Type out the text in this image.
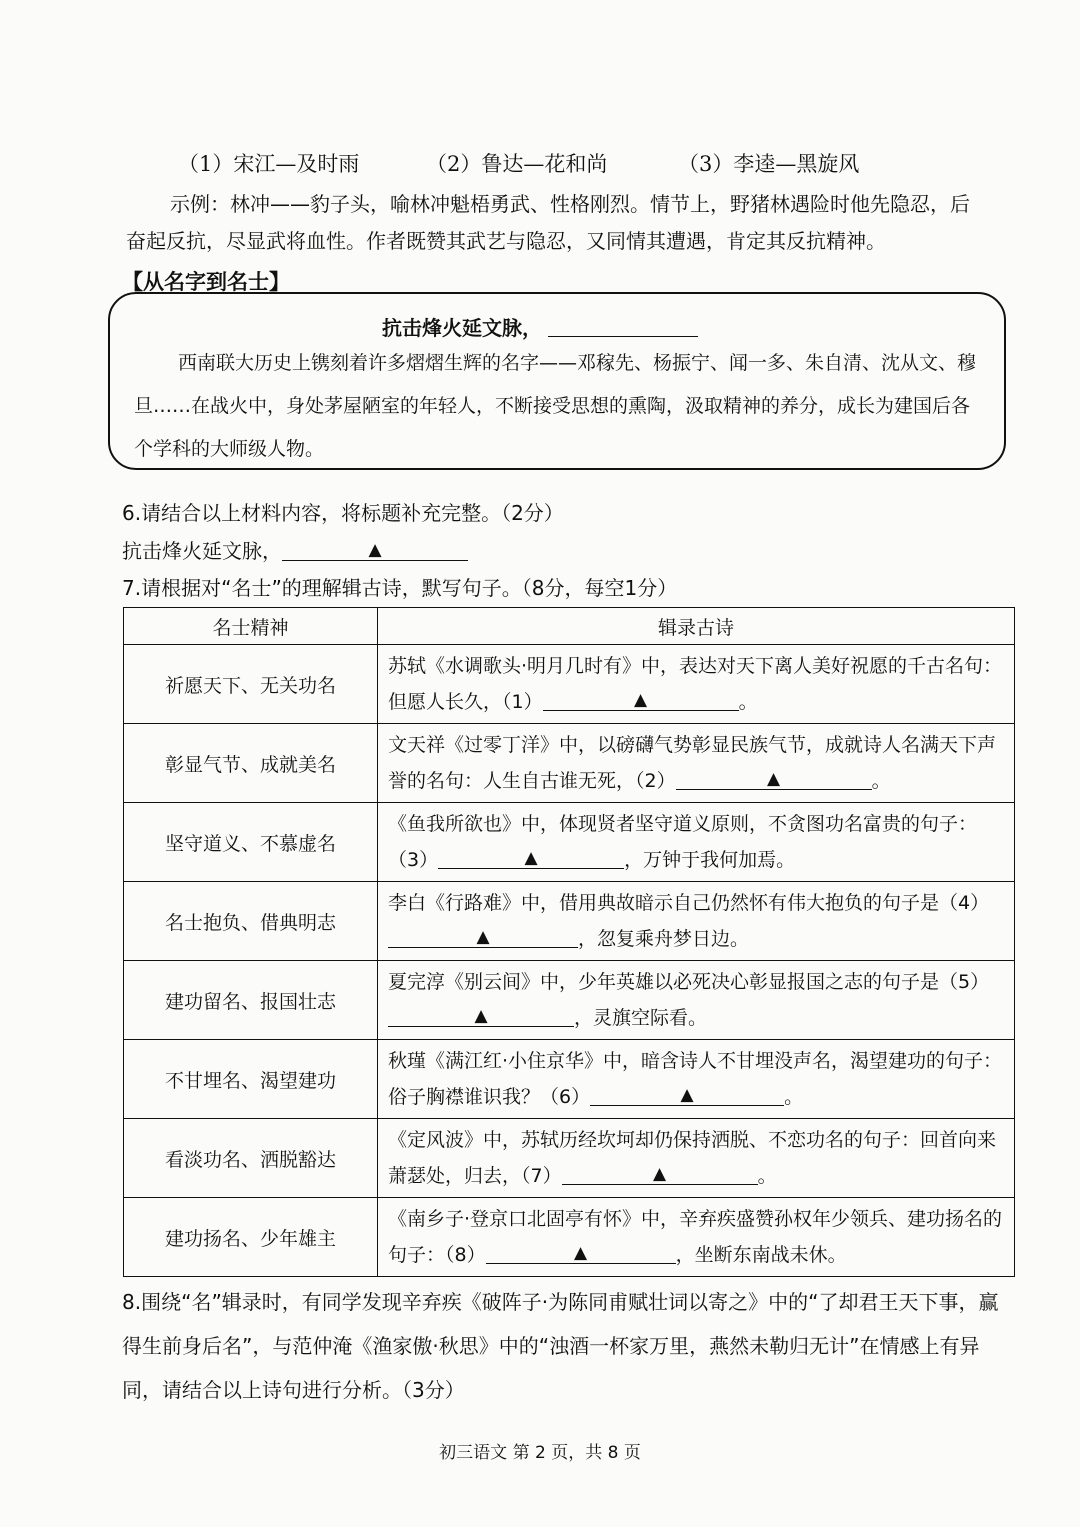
（1）宋江—及时雨	（2）鲁达—花和尚	（3）李逵—黑旋风
示例：林冲——豹子头，喻林冲魁梧勇武、性格刚烈。情节上，野猪林遇险时他先隐忍，后奋起反抗，尽显武将血性。作者既赞其武艺与隐忍，又同情其遭遇，肯定其反抗精神。
【从名字到名士】
抗击烽火延文脉，
西南联大历史上镌刻着许多熠熠生辉的名字——邓稼先、杨振宁、闻一多、朱自清、沈从文、穆旦……在战火中，身处茅屋陋室的年轻人，不断接受思想的熏陶，汲取精神的养分，成长为建国后各个学科的大师级人物。
6.请结合以上材料内容，将标题补充完整。（2分）
抗击烽火延文脉，	▲
7.请根据对“名士”的理解辑古诗，默写句子。（8分，每空1分）
名士精神	辑录古诗
祈愿天下、无关功名	苏轼《水调歌头·明月几时有》中，表达对天下离人美好祝愿的千古名句：但愿人长久，（1） ▲ 。
彰显气节、成就美名	文天祥《过零丁洋》中，以磅礴气势彰显民族气节，成就诗人名满天下声誉的名句：人生自古谁无死，（2） ▲ 。
坚守道义、不慕虚名	《鱼我所欲也》中，体现贤者坚守道义原则，不贪图功名富贵的句子：（3） ▲ ，万钟于我何加焉。
名士抱负、借典明志	李白《行路难》中，借用典故暗示自己仍然怀有伟大抱负的句子是（4）
▲ ，忽复乘舟梦日边。
建功留名、报国壮志	夏完淳《别云间》中，少年英雄以必死决心彰显报国之志的句子是（5）
▲ ，灵旗空际看。
不甘埋名、渴望建功	秋瑾《满江红·小住京华》中，暗含诗人不甘埋没声名，渴望建功的句子：俗子胸襟谁识我？（6） ▲ 。
看淡功名、洒脱豁达	《定风波》中，苏轼历经坎坷却仍保持洒脱、不恋功名的句子：回首向来萧瑟处，归去，（7） ▲ 。
建功扬名、少年雄主	《南乡子·登京口北固亭有怀》中，辛弃疾盛赞孙权年少领兵、建功扬名的句子：（8） ▲ ，坐断东南战未休。
8.围绕“名”辑录时，有同学发现辛弃疾《破阵子·为陈同甫赋壮词以寄之》中的“了却君王天下事，赢得生前身后名”，与范仲淹《渔家傲·秋思》中的“浊酒一杯家万里，燕然未勒归无计”在情感上有异同，请结合以上诗句进行分析。（3分）
初三语文 第 2 页，共 8 页
